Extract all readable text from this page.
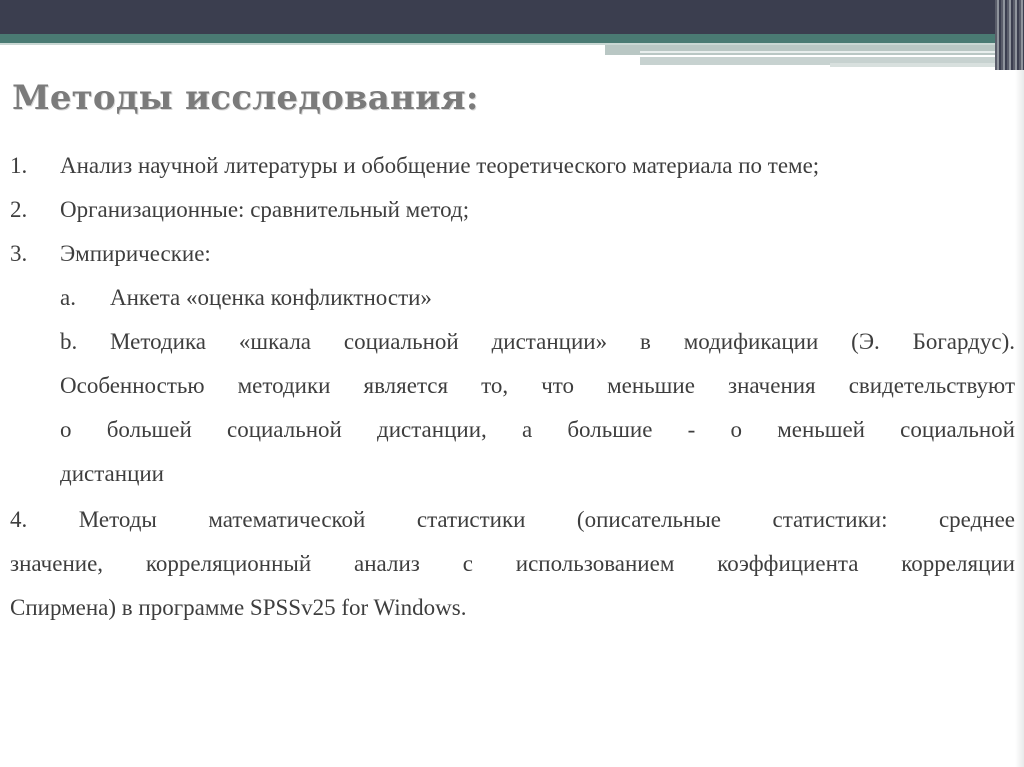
Методы исследования:
1. Анализ научной литературы и обобщение теоретического материала по теме;
2. Организационные: сравнительный метод;
3. Эмпирические:
a. Анкета «оценка конфликтности»
b. Методика «шкала социальной дистанции» в модификации (Э. Богардус).
Особенностью методики является то, что меньшие значения свидетельствуют
о большей социальной дистанции, а большие - о меньшей социальной
дистанции
4. Методы математической статистики (описательные статистики: среднее
значение, корреляционный анализ с использованием коэффициента корреляции
Спирмена) в программе SPSSv25 for Windows.
